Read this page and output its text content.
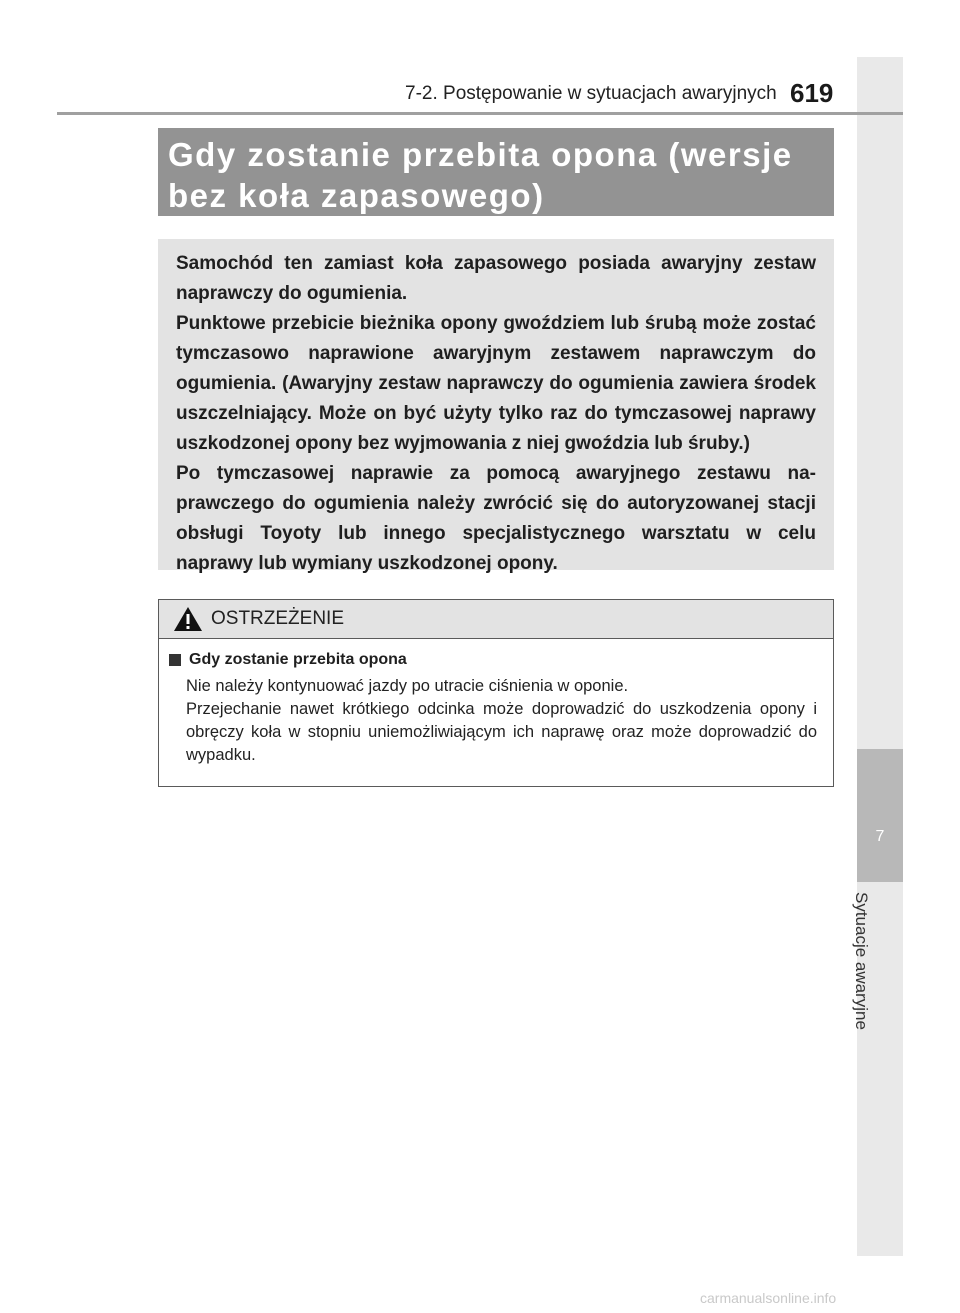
7
Sytuacje awaryjne
7-2. Postępowanie w sytuacjach awaryjnych 619
Gdy zostanie przebita opona (wersje bez koła zapasowego)

Samochód ten zamiast koła zapasowego posiada awaryjny zestaw naprawczy do ogumienia.

Punktowe przebicie bieżnika opony gwoździem lub śrubą może zostać tymczasowo naprawione awaryjnym zestawem naprawczym do ogumienia. (Awaryjny zestaw naprawczy do ogumienia zawiera środek uszczelniający. Może on być użyty tylko raz do tymczasowej naprawy uszkodzonej opony bez wyjmowania z niej gwoździa lub śruby.)

Po tymczasowej naprawie za pomocą awaryjnego zestawu naprawczego do ogumienia należy zwrócić się do autoryzowanej stacji obsługi Toyoty lub innego specjalistycznego warsztatu w celu naprawy lub wymiany uszkodzonej opony.

OSTRZEŻENIE
Gdy zostanie przebita opona

Nie należy kontynuować jazdy po utracie ciśnienia w oponie.

Przejechanie nawet krótkiego odcinka może doprowadzić do uszkodzenia opony i obręczy koła w stopniu uniemożliwiającym ich naprawę oraz może doprowadzić do wypadku.

carmanualsonline.info
